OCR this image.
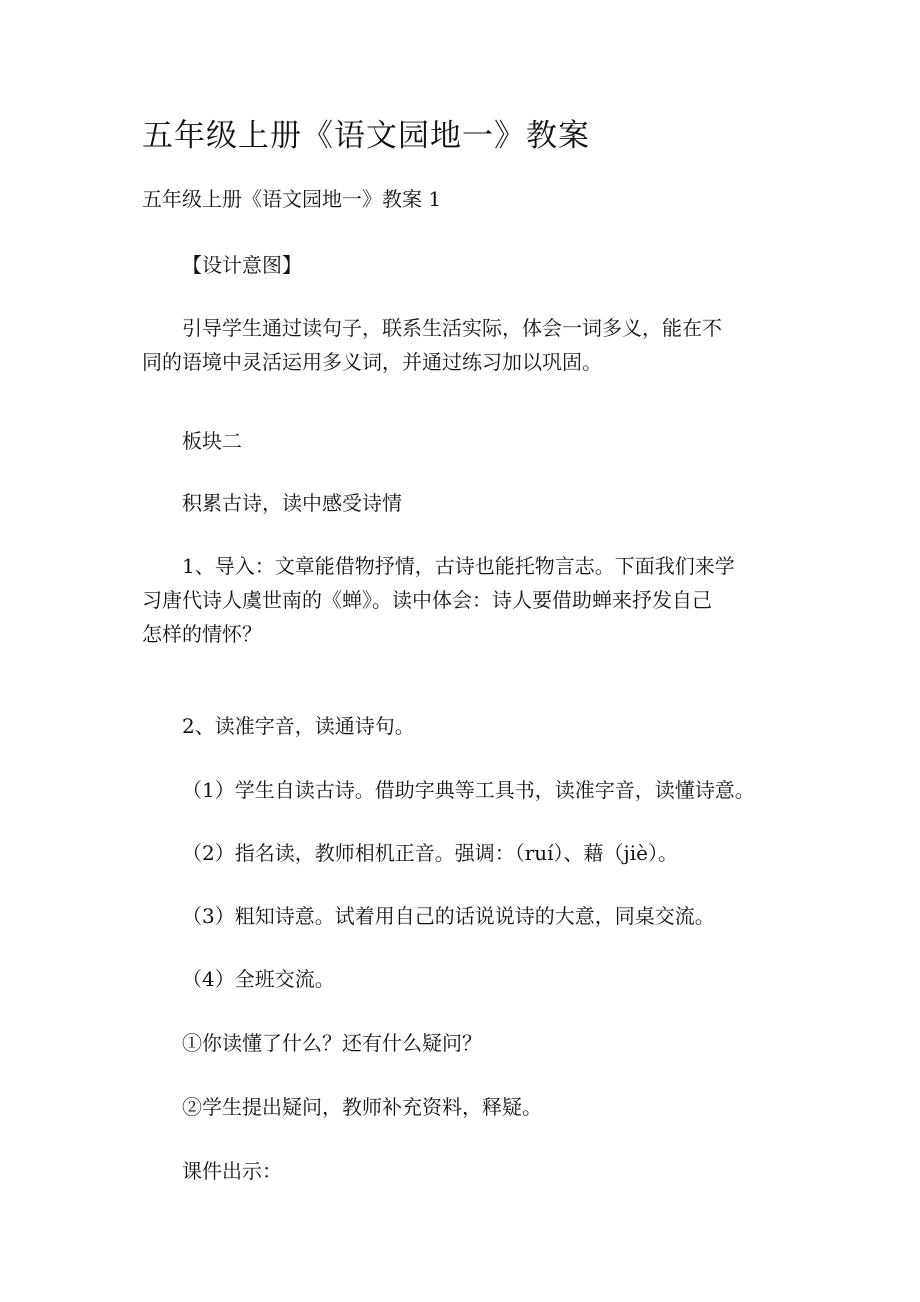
五年级上册《语文园地一》教案

五年级上册《语文园地一》教案 1

【设计意图】

引导学生通过读句子，联系生活实际，体会一词多义，能在不
同的语境中灵活运用多义词，并通过练习加以巩固。

板块二

积累古诗，读中感受诗情

1、导入：文章能借物抒情，古诗也能托物言志。下面我们来学
习唐代诗人虞世南的《蝉》。读中体会：诗人要借助蝉来抒发自己
怎样的情怀？

2、读准字音，读通诗句。

（1）学生自读古诗。借助字典等工具书，读准字音，读懂诗意。

（2）指名读，教师相机正音。强调：（ruí）、藉（jiè）。

（3）粗知诗意。试着用自己的话说说诗的大意，同桌交流。

（4）全班交流。

①你读懂了什么？还有什么疑问？

②学生提出疑问，教师补充资料，释疑。

课件出示：
